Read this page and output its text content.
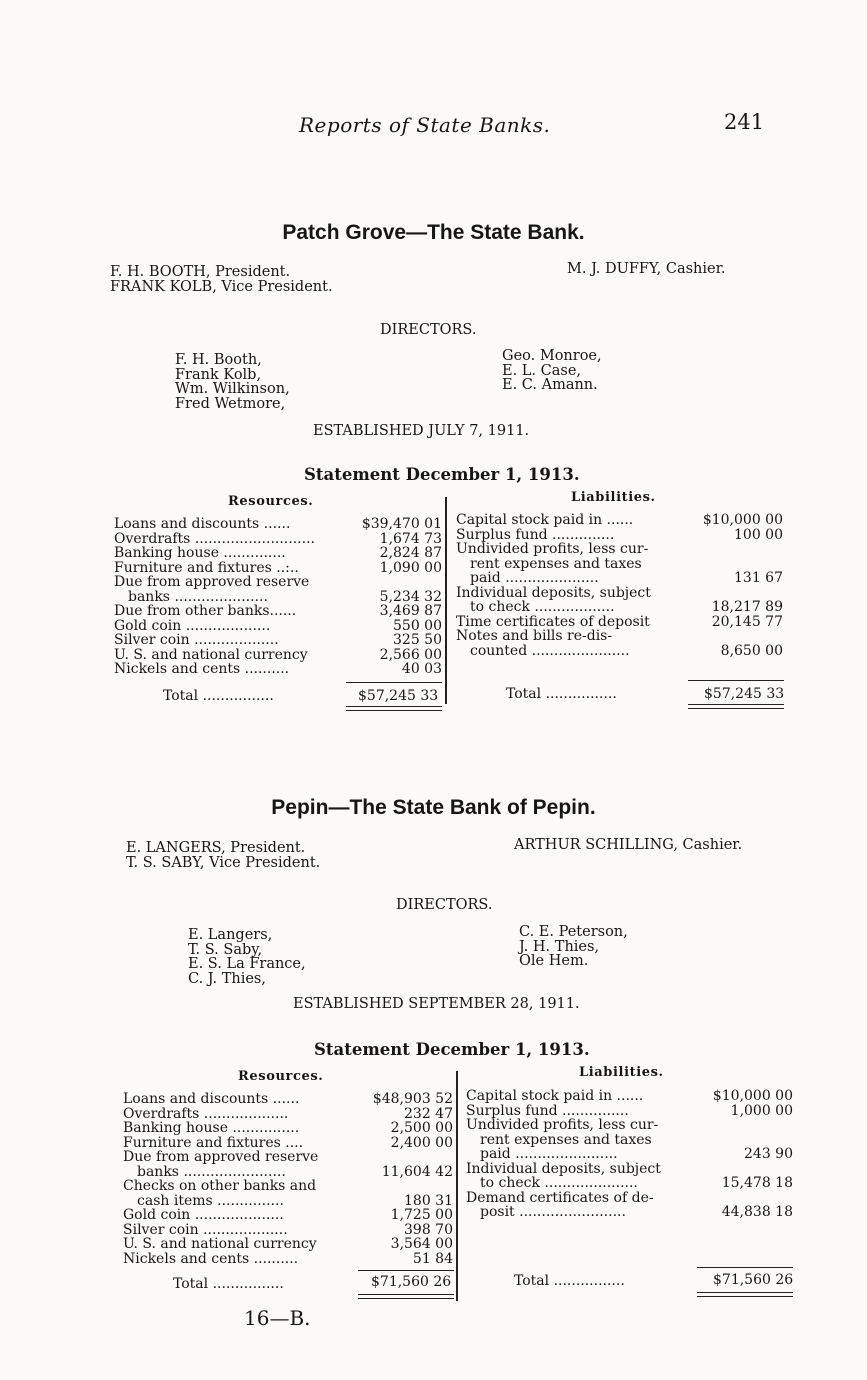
Reports of State Banks.	241
Patch Grove—The State Bank.
F. H. BOOTH, President.
FRANK KOLB, Vice President.
M. J. DUFFY, Cashier.
DIRECTORS.
F. H. Booth,
Frank Kolb,
Wm. Wilkinson,
Fred Wetmore,
Geo. Monroe,
E. L. Case,
E. C. Amann.
ESTABLISHED JULY 7, 1911.
Statement December 1, 1913.
Resources.	Liabilities.
Loans and discounts ......	$39,470 01
Overdrafts ...........................	1,674 73
Banking house ..............	2,824 87
Furniture and fixtures ..:..	1,090 00
Due from approved reserve
banks .....................	5,234 32
Due from other banks......	3,469 87
Gold coin ...................	550 00
Silver coin ...................	325 50
U. S. and national currency	2,566 00
Nickels and cents ..........	40 03
Capital stock paid in ......	$10,000 00
Surplus fund ..............	100 00
Undivided profits, less cur-
rent expenses and taxes
paid .....................	131 67
Individual deposits, subject
to check ..................	18,217 89
Time certificates of deposit	20,145 77
Notes and bills re-dis-
counted ......................	8,650 00
Total ................	$57,245 33	Total ................	$57,245 33
Pepin—The State Bank of Pepin.
E. LANGERS, President.
T. S. SABY, Vice President.
ARTHUR SCHILLING, Cashier.
DIRECTORS.
E. Langers,
T. S. Saby,
E. S. La France,
C. J. Thies,
C. E. Peterson,
J. H. Thies,
Ole Hem.
ESTABLISHED SEPTEMBER 28, 1911.
Statement December 1, 1913.
Resources.	Liabilities.
Loans and discounts ......	$48,903 52
Overdrafts ...................	232 47
Banking house ...............	2,500 00
Furniture and fixtures ....	2,400 00
Due from approved reserve
banks .......................	11,604 42
Checks on other banks and
cash items ...............	180 31
Gold coin ....................	1,725 00
Silver coin ...................	398 70
U. S. and national currency	3,564 00
Nickels and cents ..........	51 84
Capital stock paid in ......	$10,000 00
Surplus fund ...............	1,000 00
Undivided profits, less cur-
rent expenses and taxes
paid .......................	243 90
Individual deposits, subject
to check .....................	15,478 18
Demand certificates of de-
posit ........................	44,838 18
Total ................	$71,560 26	Total ................	$71,560 26
16—B.
